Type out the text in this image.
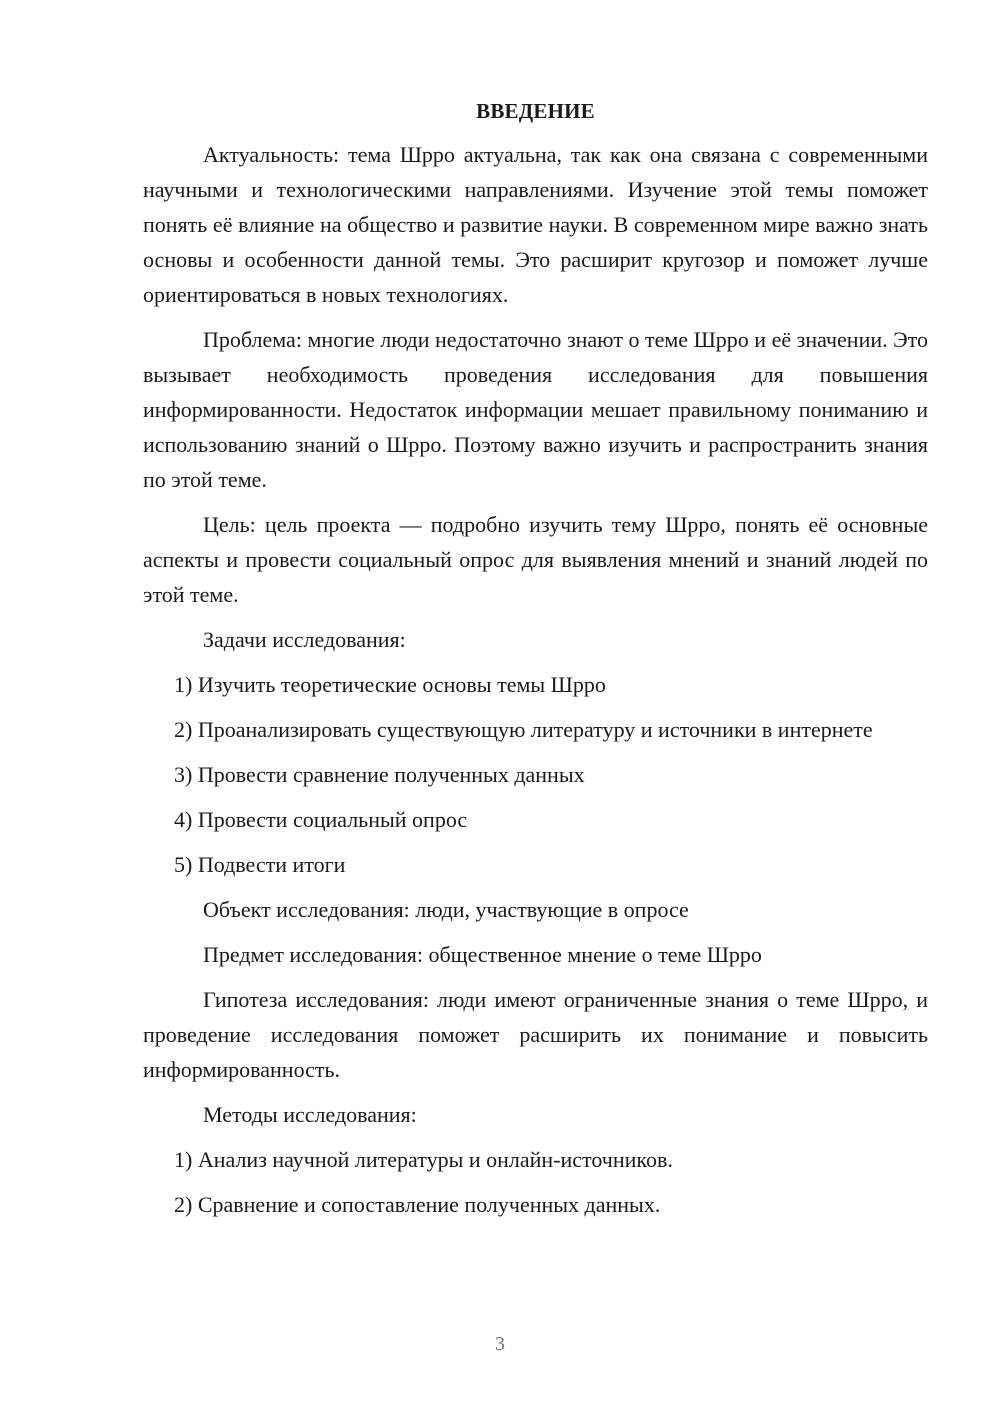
ВВЕДЕНИЕ
Актуальность: тема Шрро актуальна, так как она связана с современными научными и технологическими направлениями. Изучение этой темы поможет понять её влияние на общество и развитие науки. В современном мире важно знать основы и особенности данной темы. Это расширит кругозор и поможет лучше ориентироваться в новых технологиях.
Проблема: многие люди недостаточно знают о теме Шрро и её значении. Это вызывает необходимость проведения исследования для повышения информированности. Недостаток информации мешает правильному пониманию и использованию знаний о Шрро. Поэтому важно изучить и распространить знания по этой теме.
Цель: цель проекта — подробно изучить тему Шрро, понять её основные аспекты и провести социальный опрос для выявления мнений и знаний людей по этой теме.
Задачи исследования:
1) Изучить теоретические основы темы Шрро
2) Проанализировать существующую литературу и источники в интернете
3) Провести сравнение полученных данных
4) Провести социальный опрос
5) Подвести итоги
Объект исследования: люди, участвующие в опросе
Предмет исследования: общественное мнение о теме Шрро
Гипотеза исследования: люди имеют ограниченные знания о теме Шрро, и проведение исследования поможет расширить их понимание и повысить информированность.
Методы исследования:
1) Анализ научной литературы и онлайн-источников.
2) Сравнение и сопоставление полученных данных.
3
